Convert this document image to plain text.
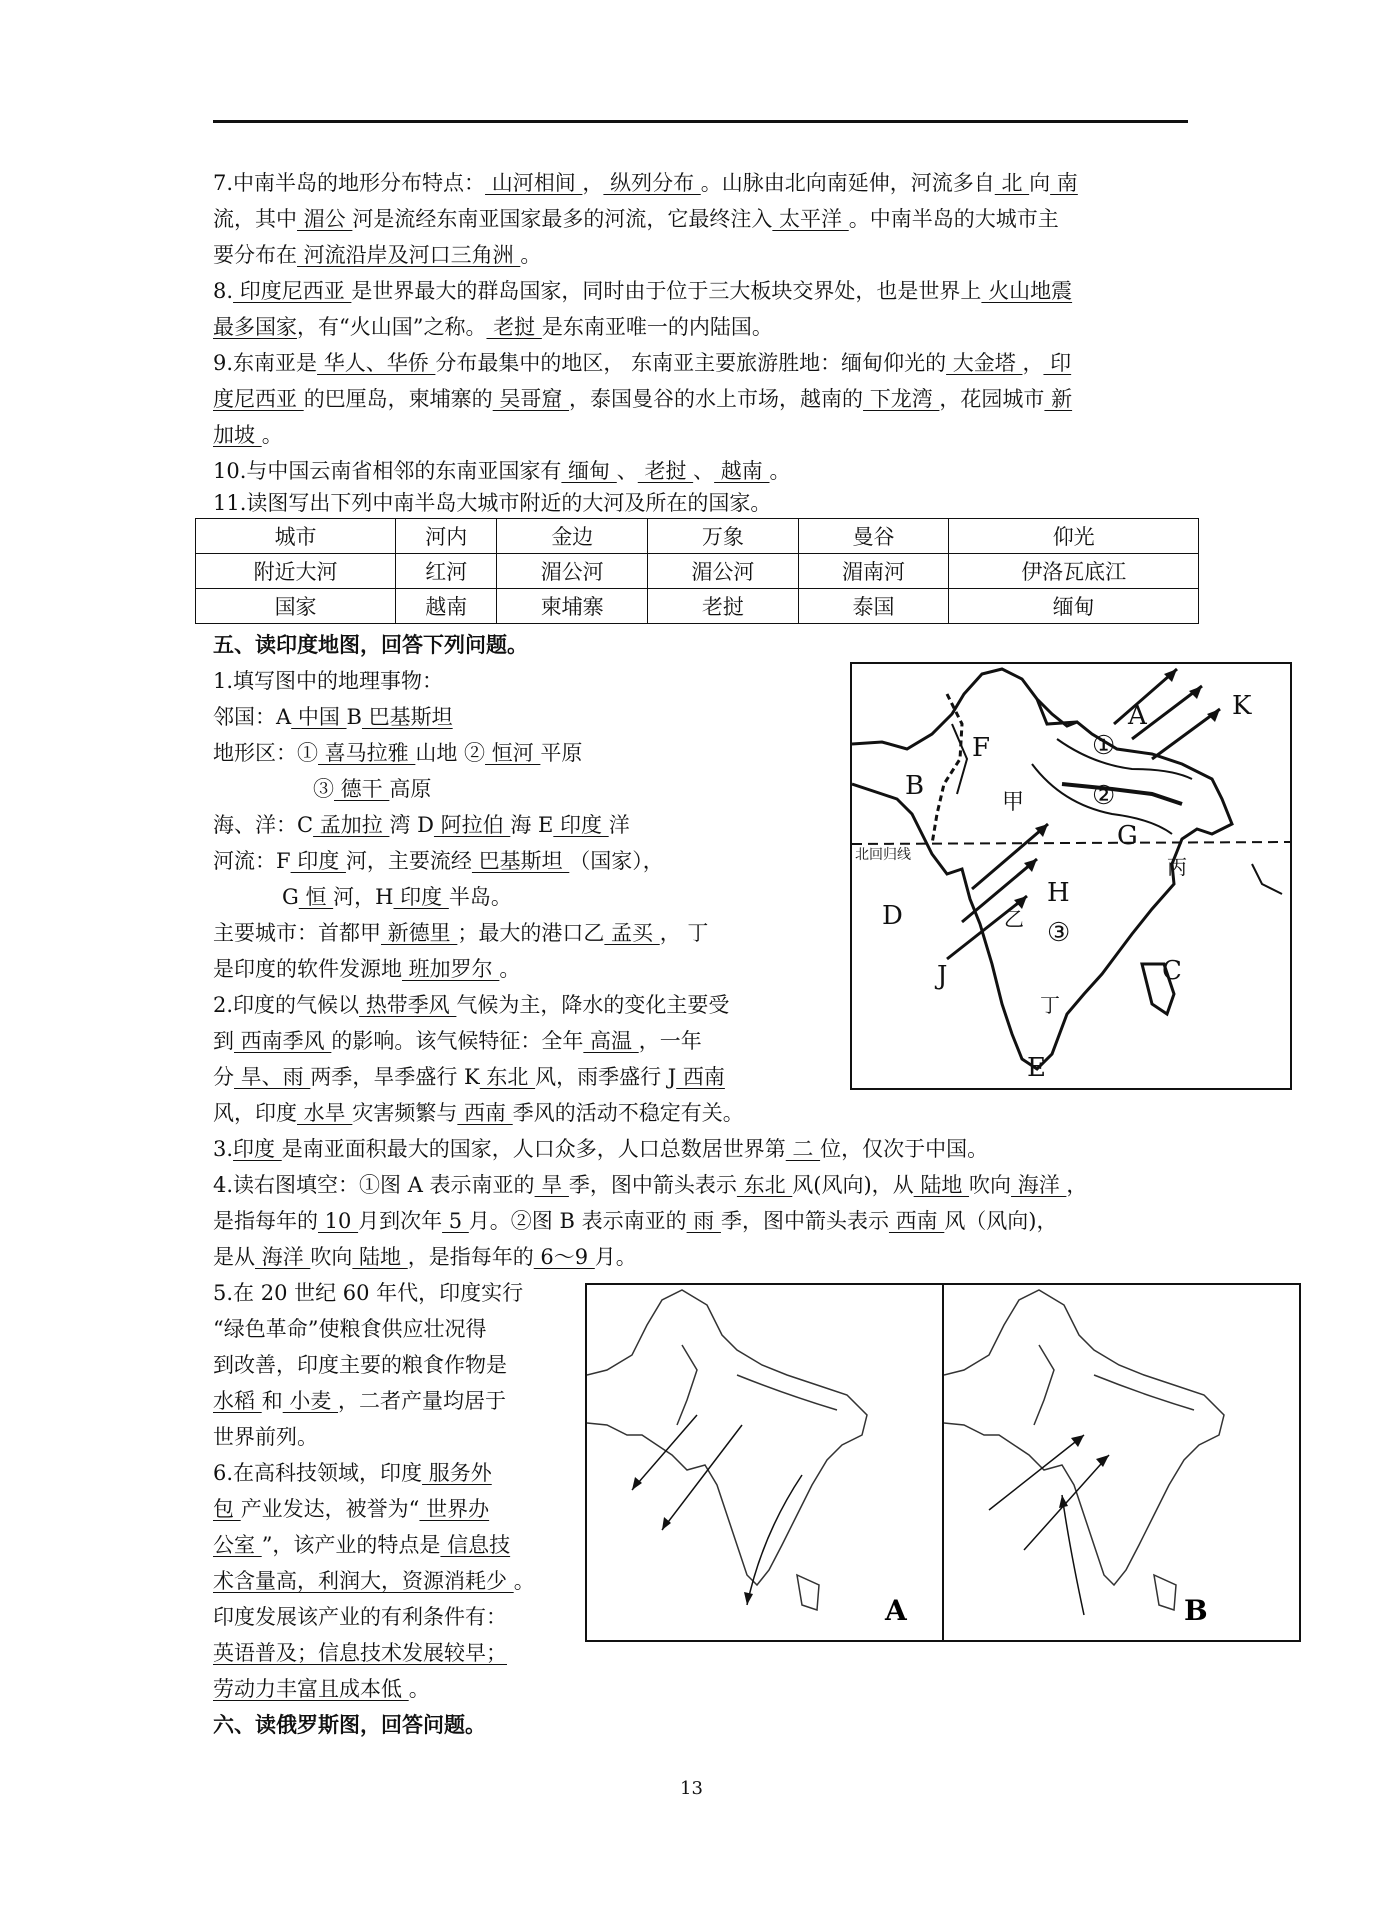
7.中南半岛的地形分布特点： 山河相间 ， 纵列分布 。山脉由北向南延伸，河流多自 北 向 南
流，其中 湄公 河是流经东南亚国家最多的河流，它最终注入 太平洋 。中南半岛的大城市主
要分布在 河流沿岸及河口三角洲 。
8. 印度尼西亚 是世界最大的群岛国家，同时由于位于三大板块交界处，也是世界上 火山地震
最多国家，有“火山国”之称。 老挝 是东南亚唯一的内陆国。
9.东南亚是 华人、华侨 分布最集中的地区， 东南亚主要旅游胜地：缅甸仰光的 大金塔 ， 印
度尼西亚 的巴厘岛，柬埔寨的 吴哥窟 ，泰国曼谷的水上市场，越南的 下龙湾 ，花园城市 新
加坡 。
10.与中国云南省相邻的东南亚国家有 缅甸 、 老挝 、 越南 。
11.读图写出下列中南半岛大城市附近的大河及所在的国家。
城市	河内	金边	万象	曼谷	仰光
附近大河	红河	湄公河	湄公河	湄南河	伊洛瓦底江
国家	越南	柬埔寨	老挝	泰国	缅甸
五、读印度地图，回答下列问题。
1.填写图中的地理事物：
邻国：A 中国 B 巴基斯坦
地形区：① 喜马拉雅 山地 ② 恒河 平原
③ 德干 高原
海、洋：C 孟加拉 湾 D 阿拉伯 海 E 印度 洋
河流：F 印度 河，主要流经 巴基斯坦 （国家），
G 恒 河，H 印度 半岛。
主要城市：首都甲 新德里 ；最大的港口乙 孟买 ， 丁
是印度的软件发源地 班加罗尔 。
2.印度的气候以 热带季风 气候为主，降水的变化主要受
到 西南季风 的影响。该气候特征：全年 高温 ，一年
分 旱、雨 两季，旱季盛行 K 东北 风，雨季盛行 J 西南
风，印度 水旱 灾害频繁与 西南 季风的活动不稳定有关。
3.印度 是南亚面积最大的国家，人口众多，人口总数居世界第 二 位，仅次于中国。
4.读右图填空：①图 A 表示南亚的 旱 季，图中箭头表示 东北 风(风向)，从 陆地 吹向 海洋 ，
是指每年的 10 月到次年 5 月。②图 B 表示南亚的 雨 季，图中箭头表示 西南 风（风向)，
是从 海洋 吹向 陆地 ，是指每年的 6～9 月。
5.在 20 世纪 60 年代，印度实行
“绿色革命”使粮食供应壮况得
到改善，印度主要的粮食作物是
水稻 和 小麦 ，二者产量均居于
世界前列。
6.在高科技领域，印度 服务外
包 产业发达，被誉为“ 世界办
公室 ”，该产业的特点是 信息技
术含量高，利润大，资源消耗少 。
印度发展该产业的有利条件有：
英语普及；信息技术发展较早；
劳动力丰富且成本低 。
六、读俄罗斯图，回答问题。
A	K
F
B
甲
G
北回归线
D
H
乙
丙
J	C
丁
E
①
②
③
A	B
13
